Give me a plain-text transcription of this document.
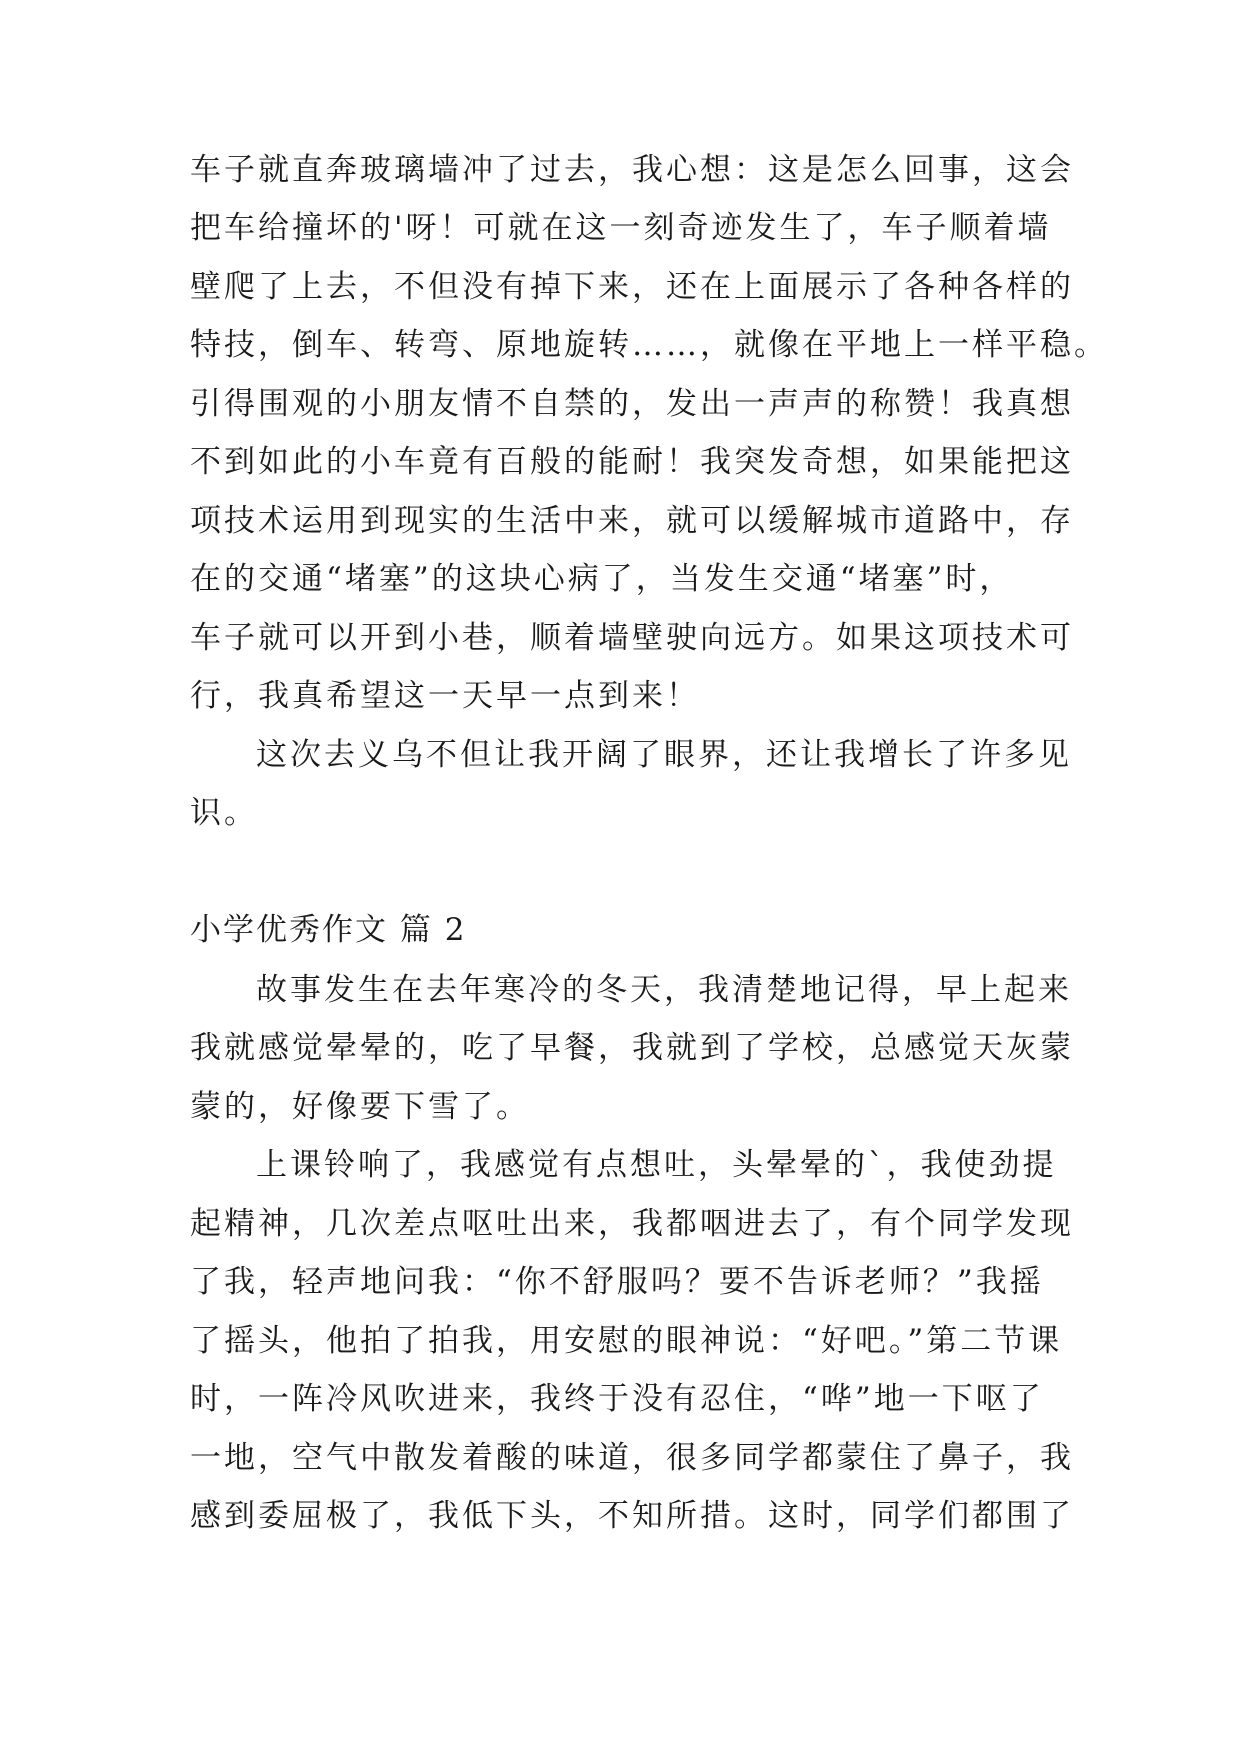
车子就直奔玻璃墙冲了过去，我心想：这是怎么回事，这会
把车给撞坏的'呀！可就在这一刻奇迹发生了，车子顺着墙
壁爬了上去，不但没有掉下来，还在上面展示了各种各样的
特技，倒车、转弯、原地旋转……，就像在平地上一样平稳。
引得围观的小朋友情不自禁的，发出一声声的称赞！我真想
不到如此的小车竟有百般的能耐！我突发奇想，如果能把这
项技术运用到现实的生活中来，就可以缓解城市道路中，存
在的交通“堵塞”的这块心病了，当发生交通“堵塞”时，
车子就可以开到小巷，顺着墙壁驶向远方。如果这项技术可
行，我真希望这一天早一点到来！
这次去义乌不但让我开阔了眼界，还让我增长了许多见
识。
小学优秀作文 篇 2
故事发生在去年寒冷的冬天，我清楚地记得，早上起来
我就感觉晕晕的，吃了早餐，我就到了学校，总感觉天灰蒙
蒙的，好像要下雪了。
上课铃响了，我感觉有点想吐，头晕晕的`，我使劲提
起精神，几次差点呕吐出来，我都咽进去了，有个同学发现
了我，轻声地问我：“你不舒服吗？要不告诉老师？”我摇
了摇头，他拍了拍我，用安慰的眼神说：“好吧。”第二节课
时，一阵冷风吹进来，我终于没有忍住，“哗”地一下呕了
一地，空气中散发着酸的味道，很多同学都蒙住了鼻子，我
感到委屈极了，我低下头，不知所措。这时，同学们都围了
